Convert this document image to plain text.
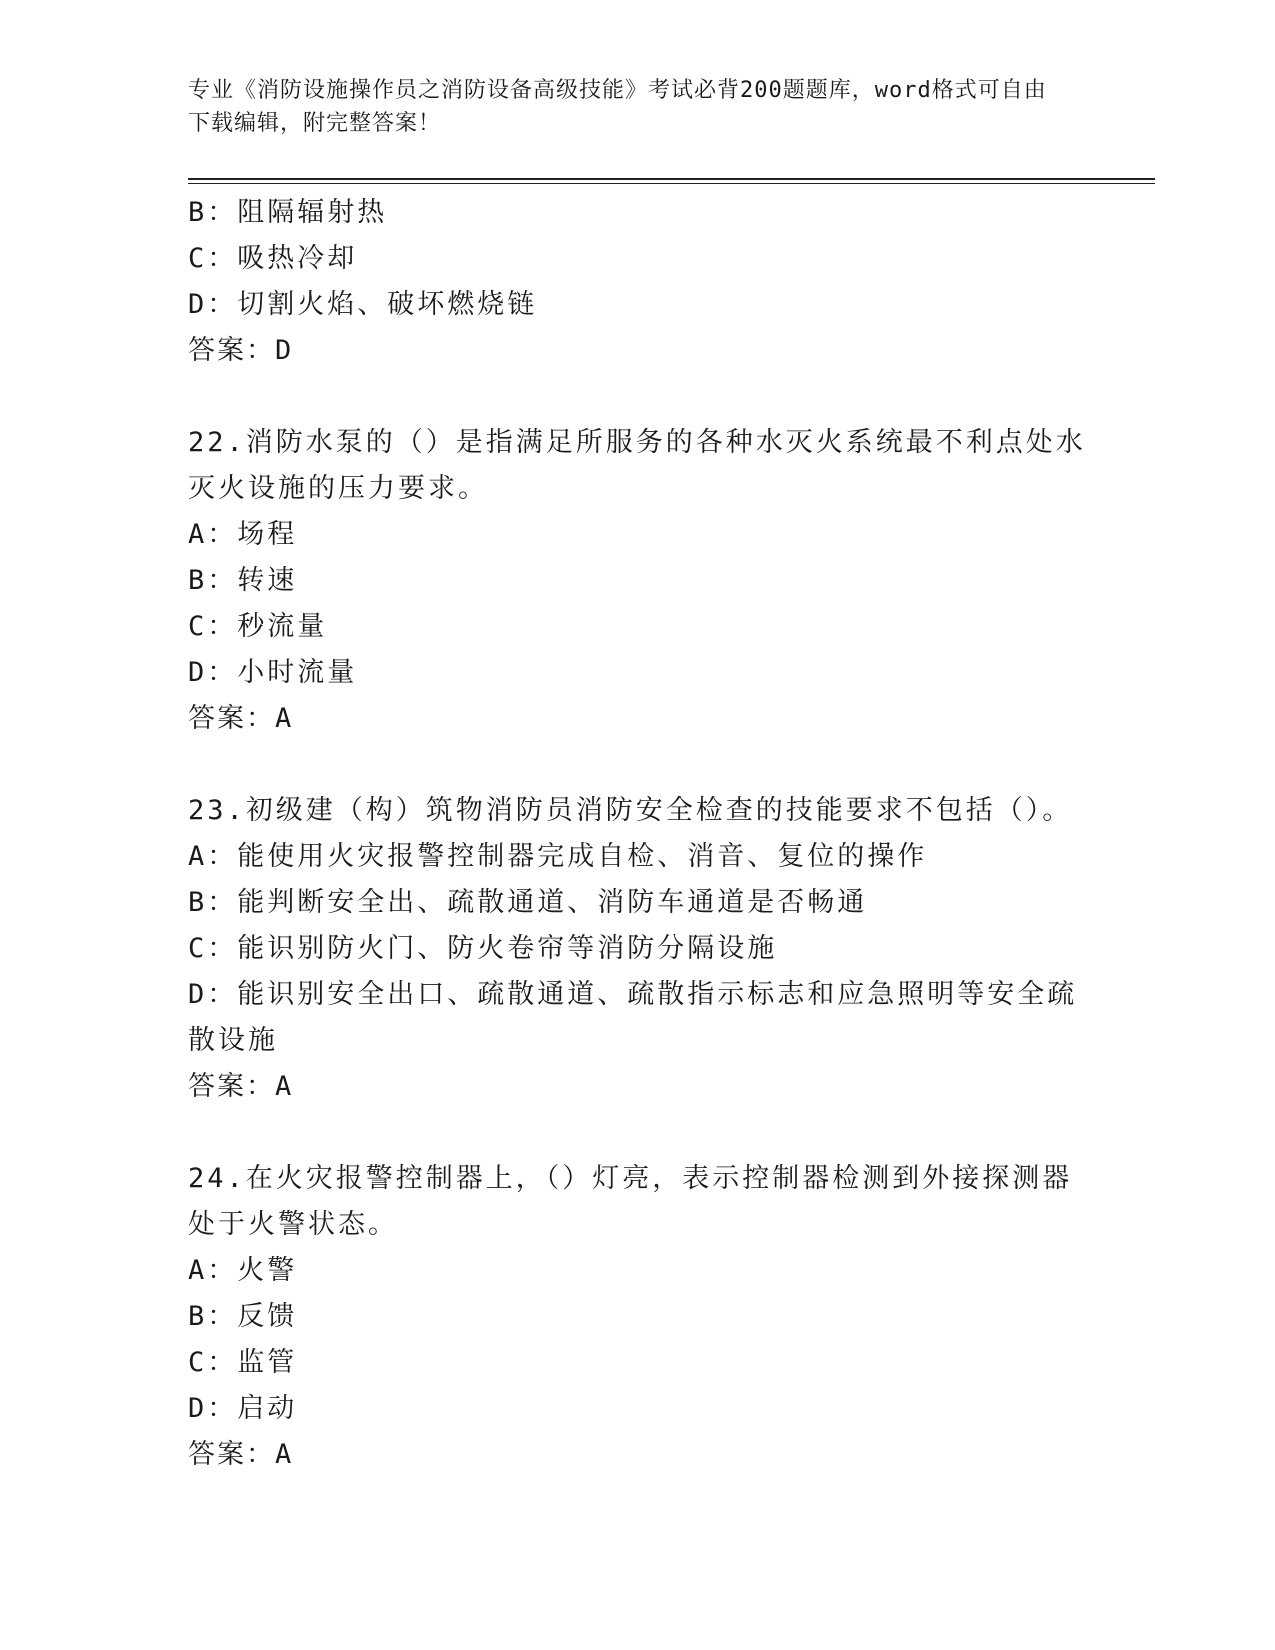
专业《消防设施操作员之消防设备高级技能》考试必背200题题库，word格式可自由下载编辑，附完整答案！

B：阻隔辐射热

C：吸热冷却

D：切割火焰、破坏燃烧链

答案：D

22.消防水泵的（）是指满足所服务的各种水灭火系统最不利点处水灭火设施的压力要求。

A：场程

B：转速

C：秒流量

D：小时流量

答案：A

23.初级建（构）筑物消防员消防安全检查的技能要求不包括（）。

A：能使用火灾报警控制器完成自检、消音、复位的操作

B：能判断安全出、疏散通道、消防车通道是否畅通

C：能识别防火门、防火卷帘等消防分隔设施

D：能识别安全出口、疏散通道、疏散指示标志和应急照明等安全疏散设施

答案：A

24.在火灾报警控制器上，（）灯亮，表示控制器检测到外接探测器处于火警状态。

A：火警

B：反馈

C：监管

D：启动

答案：A
